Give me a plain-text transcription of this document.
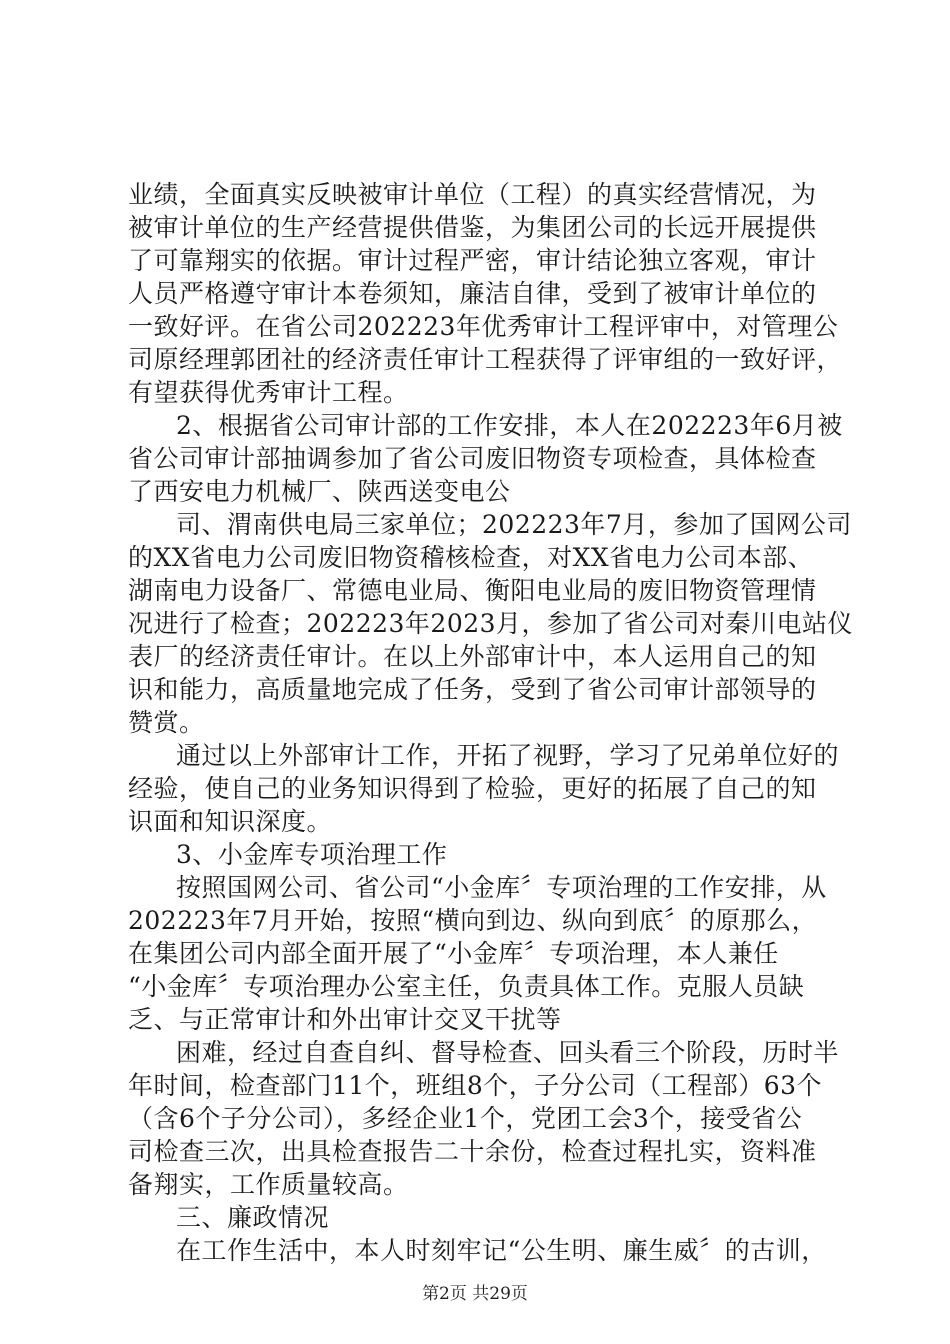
业绩，全面真实反映被审计单位（工程）的真实经营情况，为
被审计单位的生产经营提供借鉴，为集团公司的长远开展提供
了可靠翔实的依据。审计过程严密，审计结论独立客观，审计
人员严格遵守审计本卷须知，廉洁自律，受到了被审计单位的
一致好评。在省公司202223年优秀审计工程评审中，对管理公
司原经理郭团社的经济责任审计工程获得了评审组的一致好评，
有望获得优秀审计工程。
2、根据省公司审计部的工作安排，本人在202223年6月被
省公司审计部抽调参加了省公司废旧物资专项检查，具体检查
了西安电力机械厂、陕西送变电公
司、渭南供电局三家单位；202223年7月，参加了国网公司
的XX省电力公司废旧物资稽核检查，对XX省电力公司本部、
湖南电力设备厂、常德电业局、衡阳电业局的废旧物资管理情
况进行了检查；202223年2023月，参加了省公司对秦川电站仪
表厂的经济责任审计。在以上外部审计中，本人运用自己的知
识和能力，高质量地完成了任务，受到了省公司审计部领导的
赞赏。
通过以上外部审计工作，开拓了视野，学习了兄弟单位好的
经验，使自己的业务知识得到了检验，更好的拓展了自己的知
识面和知识深度。
3、小金库专项治理工作
按照国网公司、省公司“小金库〞专项治理的工作安排，从
202223年7月开始，按照“横向到边、纵向到底〞的原那么，
在集团公司内部全面开展了“小金库〞专项治理，本人兼任
“小金库〞专项治理办公室主任，负责具体工作。克服人员缺
乏、与正常审计和外出审计交叉干扰等
困难，经过自查自纠、督导检查、回头看三个阶段，历时半
年时间，检查部门11个，班组8个，子分公司（工程部）63个
（含6个子分公司），多经企业1个，党团工会3个，接受省公
司检查三次，出具检查报告二十余份，检查过程扎实，资料准
备翔实，工作质量较高。
三、廉政情况
在工作生活中，本人时刻牢记“公生明、廉生威〞的古训，
第2页 共29页
